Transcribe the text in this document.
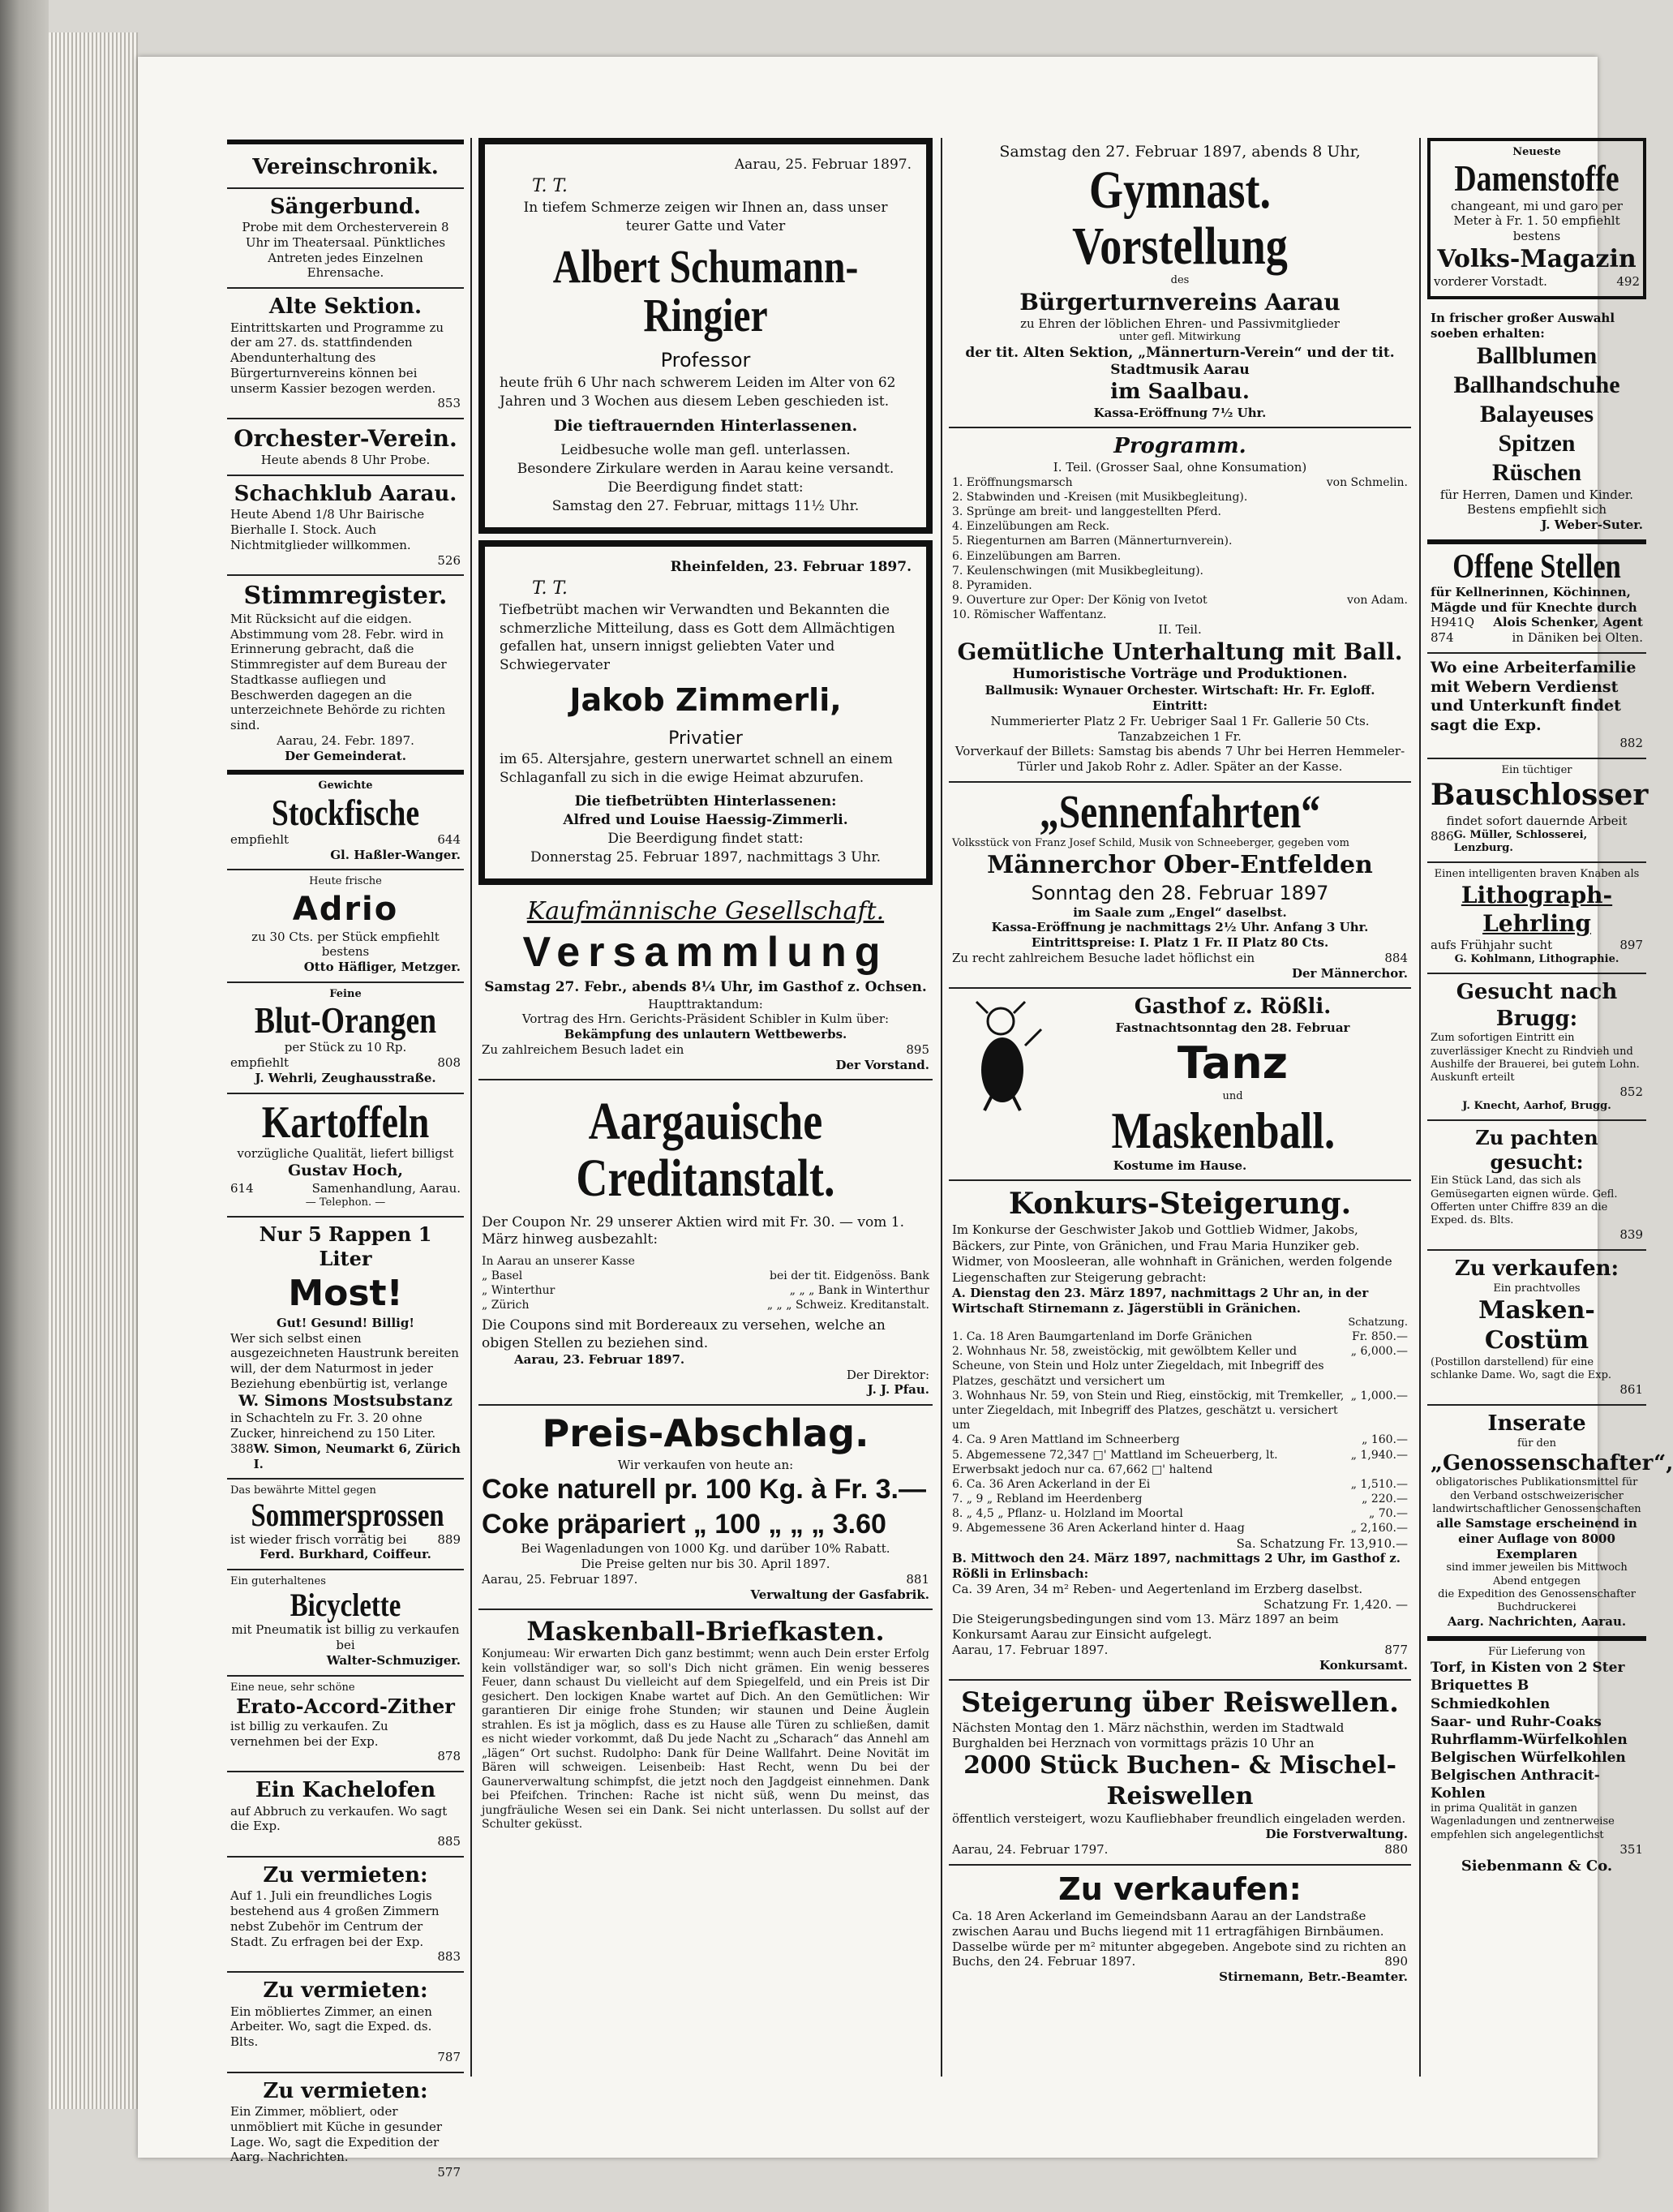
Vereinschronik.
Sängerbund.
Probe mit dem Orchesterverein 8 Uhr im Theatersaal. Pünktliches Antreten jedes Einzelnen Ehrensache.
Alte Sektion.
Eintrittskarten und Programme zu der am 27. ds. stattfindenden Abendunterhaltung des Bürgerturnvereins können bei unserm Kassier bezogen werden.
853
Orchester-Verein.
Heute abends 8 Uhr Probe.
Schachklub Aarau.
Heute Abend 1/8 Uhr Bairische Bierhalle I. Stock. Auch Nichtmitglieder willkommen.
526
Stimmregister.
Mit Rücksicht auf die eidgen. Abstimmung vom 28. Febr. wird in Erinnerung gebracht, daß die Stimmregister auf dem Bureau der Stadtkasse aufliegen und Beschwerden dagegen an die unterzeichnete Behörde zu richten sind.
Aarau, 24. Febr. 1897.
Der Gemeinderat.
Gewichte
Stockfische
empfiehlt	644
Gl. Haßler-Wanger.
Heute frische
Adrio
zu 30 Cts. per Stück empfiehlt bestens
Otto Häfliger, Metzger.
Feine
Blut-Orangen
per Stück zu 10 Rp.
empfiehlt	808
J. Wehrli, Zeughausstraße.
Kartoffeln
vorzügliche Qualität, liefert billigst
Gustav Hoch,
614	Samenhandlung, Aarau.
— Telephon. —
Nur 5 Rappen 1 Liter
Most!
Gut! Gesund! Billig!
Wer sich selbst einen ausgezeichneten Haustrunk bereiten will, der dem Naturmost in jeder Beziehung ebenbürtig ist, verlange
W. Simons Mostsubstanz
in Schachteln zu Fr. 3. 20 ohne Zucker, hinreichend zu 150 Liter.
388 W. Simon, Neumarkt 6, Zürich I.
Das bewährte Mittel gegen
Sommersprossen
ist wieder frisch vorrätig bei	889
Ferd. Burkhard, Coiffeur.
Ein guterhaltenes
Bicyclette
mit Pneumatik ist billig zu verkaufen bei
Walter-Schmuziger.
Eine neue, sehr schöne
Erato-Accord-Zither
ist billig zu verkaufen. Zu vernehmen bei der Exp.
878
Ein Kachelofen
auf Abbruch zu verkaufen. Wo sagt die Exp.
885
Zu vermieten:
Auf 1. Juli ein freundliches Logis bestehend aus 4 großen Zimmern nebst Zubehör im Centrum der Stadt. Zu erfragen bei der Exp.
883
Zu vermieten:
Ein möbliertes Zimmer, an einen Arbeiter. Wo, sagt die Exped. ds. Blts.
787
Zu vermieten:
Ein Zimmer, möbliert, oder unmöbliert mit Küche in gesunder Lage. Wo, sagt die Expedition der Aarg. Nachrichten.
577
Aarau, 25. Februar 1897.
T. T.
In tiefem Schmerze zeigen wir Ihnen an, dass unser teurer Gatte und Vater
Albert Schumann-Ringier
Professor
heute früh 6 Uhr nach schwerem Leiden im Alter von 62 Jahren und 3 Wochen aus diesem Leben geschieden ist.
Die tieftrauernden Hinterlassenen.
Leidbesuche wolle man gefl. unterlassen.
Besondere Zirkulare werden in Aarau keine versandt.
Die Beerdigung findet statt:
Samstag den 27. Februar, mittags 11½ Uhr.
Rheinfelden, 23. Februar 1897.
T. T.
Tiefbetrübt machen wir Verwandten und Bekannten die schmerzliche Mitteilung, dass es Gott dem Allmächtigen gefallen hat, unsern innigst geliebten Vater und Schwiegervater
Jakob Zimmerli,
Privatier
im 65. Altersjahre, gestern unerwartet schnell an einem Schlaganfall zu sich in die ewige Heimat abzurufen.
Die tiefbetrübten Hinterlassenen:
Alfred und Louise Haessig-Zimmerli.
Die Beerdigung findet statt:
Donnerstag 25. Februar 1897, nachmittags 3 Uhr.
Kaufmännische Gesellschaft.
Versammlung
Samstag 27. Febr., abends 8¼ Uhr, im Gasthof z. Ochsen.
Haupttraktandum:
Vortrag des Hrn. Gerichts-Präsident Schibler in Kulm über:
Bekämpfung des unlautern Wettbewerbs.
Zu zahlreichem Besuch ladet ein	895
Der Vorstand.
Aargauische Creditanstalt.
Der Coupon Nr. 29 unserer Aktien wird mit Fr. 30. — vom 1. März hinweg ausbezahlt:
In Aarau an unserer Kasse
„ Basel	bei der tit. Eidgenöss. Bank
„ Winterthur	„ „ „ Bank in Winterthur
„ Zürich	„ „ „ Schweiz. Kreditanstalt.
Die Coupons sind mit Bordereaux zu versehen, welche an obigen Stellen zu beziehen sind.
Aarau, 23. Februar 1897.
Der Direktor:
J. J. Pfau.
Preis-Abschlag.
Wir verkaufen von heute an:
Coke naturell pr. 100 Kg. à Fr. 3.—
Coke präpariert „ 100 „ „ „ 3.60
Bei Wagenladungen von 1000 Kg. und darüber 10% Rabatt.
Die Preise gelten nur bis 30. April 1897.
Aarau, 25. Februar 1897.	881
Verwaltung der Gasfabrik.
Maskenball-Briefkasten.
Konjumeau: Wir erwarten Dich ganz bestimmt; wenn auch Dein erster Erfolg kein vollständiger war, so soll's Dich nicht grämen. Ein wenig besseres Feuer, dann schaust Du vielleicht auf dem Spiegelfeld, und ein Preis ist Dir gesichert. Den lockigen Knabe wartet auf Dich. An den Gemütlichen: Wir garantieren Dir einige frohe Stunden; wir staunen und Deine Äuglein strahlen. Es ist ja möglich, dass es zu Hause alle Türen zu schließen, damit es nicht wieder vorkommt, daß Du jede Nacht zu „Scharach“ das Annehl am „lägen“ Ort suchst. Rudolpho: Dank für Deine Wallfahrt. Deine Novität im Bären will schweigen. Leisenbeib: Hast Recht, wenn Du bei der Gaunerverwaltung schimpfst, die jetzt noch den Jagdgeist einnehmen. Dank bei Pfeifchen. Trinchen: Rache ist nicht süß, wenn Du meinst, das jungfräuliche Wesen sei ein Dank. Sei nicht unterlassen. Du sollst auf der Schulter geküsst.
Samstag den 27. Februar 1897, abends 8 Uhr,
Gymnast. Vorstellung
des
Bürgerturnvereins Aarau
zu Ehren der löblichen Ehren- und Passivmitglieder
unter gefl. Mitwirkung
der tit. Alten Sektion, „Männerturn-Verein“ und der tit. Stadtmusik Aarau
im Saalbau.
Kassa-Eröffnung 7½ Uhr.
Programm.
I. Teil. (Grosser Saal, ohne Konsumation)
1. Eröffnungsmarsch	von Schmelin.
2. Stabwinden und -Kreisen (mit Musikbegleitung).
3. Sprünge am breit- und langgestellten Pferd.
4. Einzelübungen am Reck.
5. Riegenturnen am Barren (Männerturnverein).
6. Einzelübungen am Barren.
7. Keulenschwingen (mit Musikbegleitung).
8. Pyramiden.
9. Ouverture zur Oper: Der König von Ivetot	von Adam.
10. Römischer Waffentanz.
II. Teil.
Gemütliche Unterhaltung mit Ball.
Humoristische Vorträge und Produktionen.
Ballmusik: Wynauer Orchester. Wirtschaft: Hr. Fr. Egloff.
Eintritt:
Nummerierter Platz 2 Fr. Uebriger Saal 1 Fr. Gallerie 50 Cts.
Tanzabzeichen 1 Fr.
Vorverkauf der Billets: Samstag bis abends 7 Uhr bei Herren Hemmeler-Türler und Jakob Rohr z. Adler. Später an der Kasse.
„Sennenfahrten“
Volksstück von Franz Josef Schild, Musik von Schneeberger, gegeben vom
Männerchor Ober-Entfelden
Sonntag den 28. Februar 1897
im Saale zum „Engel“ daselbst.
Kassa-Eröffnung je nachmittags 2½ Uhr. Anfang 3 Uhr.
Eintrittspreise: I. Platz 1 Fr. II Platz 80 Cts.
Zu recht zahlreichem Besuche ladet höflichst ein	884
Der Männerchor.
Gasthof z. Rößli.
Fastnachtsonntag den 28. Februar
Tanz
und
Maskenball.
Kostume im Hause.
Konkurs-Steigerung.
Im Konkurse der Geschwister Jakob und Gottlieb Widmer, Jakobs, Bäckers, zur Pinte, von Gränichen, und Frau Maria Hunziker geb. Widmer, von Moosleeran, alle wohnhaft in Gränichen, werden folgende Liegenschaften zur Steigerung gebracht:
A. Dienstag den 23. März 1897, nachmittags 2 Uhr an, in der Wirtschaft Stirnemann z. Jägerstübli in Gränichen.
Schatzung.
1. Ca. 18 Aren Baumgartenland im Dorfe Gränichen	Fr. 850.—
2. Wohnhaus Nr. 58, zweistöckig, mit gewölbtem Keller und Scheune, von Stein und Holz unter Ziegeldach, mit Inbegriff des Platzes, geschätzt und versichert um
„ 6,000.—
3. Wohnhaus Nr. 59, von Stein und Rieg, einstöckig, mit Tremkeller, unter Ziegeldach, mit Inbegriff des Platzes, geschätzt u. versichert um
„ 1,000.—
4. Ca. 9 Aren Mattland im Schneerberg	„ 160.—
5. Abgemessene 72,347 □' Mattland im Scheuerberg, lt. Erwerbsakt jedoch nur ca. 67,662 □' haltend
„ 1,940.—
6. Ca. 36 Aren Ackerland in der Ei	„ 1,510.—
7. „ 9 „ Rebland im Heerdenberg	„ 220.—
8. „ 4,5 „ Pflanz- u. Holzland im Moortal	„ 70.—
9. Abgemessene 36 Aren Ackerland hinter d. Haag	„ 2,160.—
Sa. Schatzung Fr. 13,910.—
B. Mittwoch den 24. März 1897, nachmittags 2 Uhr, im Gasthof z. Rößli in Erlinsbach:
Ca. 39 Aren, 34 m² Reben- und Aegertenland im Erzberg daselbst.
Schatzung Fr. 1,420. —
Die Steigerungsbedingungen sind vom 13. März 1897 an beim Konkursamt Aarau zur Einsicht aufgelegt.
Aarau, 17. Februar 1897.	877
Konkursamt.
Steigerung über Reiswellen.
Nächsten Montag den 1. März nächsthin, werden im Stadtwald Burghalden bei Herznach von vormittags präzis 10 Uhr an
2000 Stück Buchen- & Mischel-Reiswellen
öffentlich versteigert, wozu Kaufliebhaber freundlich eingeladen werden.
Die Forstverwaltung.
Aarau, 24. Februar 1797.	880
Zu verkaufen:
Ca. 18 Aren Ackerland im Gemeindsbann Aarau an der Landstraße zwischen Aarau und Buchs liegend mit 11 ertragfähigen Birnbäumen. Dasselbe würde per m² mitunter abgegeben. Angebote sind zu richten an
Buchs, den 24. Februar 1897.	890
Stirnemann, Betr.-Beamter.
Neueste
Damenstoffe
changeant, mi und garo per Meter à Fr. 1. 50 empfiehlt bestens
Volks-Magazin
vorderer Vorstadt.	492
In frischer großer Auswahl soeben erhalten:
Ballblumen
Ballhandschuhe
Balayeuses
Spitzen
Rüschen
für Herren, Damen und Kinder.
Bestens empfiehlt sich
J. Weber-Suter.
Offene Stellen
für Kellnerinnen, Köchinnen, Mägde und für Knechte durch
H941Q Alois Schenker, Agent
874	in Däniken bei Olten.
Wo eine Arbeiterfamilie mit Webern Verdienst und Unterkunft findet sagt die Exp.
882
Ein tüchtiger
Bauschlosser
findet sofort dauernde Arbeit
886 G. Müller, Schlosserei, Lenzburg.
Einen intelligenten braven Knaben als
Lithograph-Lehrling
aufs Frühjahr sucht	897
G. Kohlmann, Lithographie.
Gesucht nach Brugg:
Zum sofortigen Eintritt ein zuverlässiger Knecht zu Rindvieh und Aushilfe der Brauerei, bei gutem Lohn. Auskunft erteilt
852
J. Knecht, Aarhof, Brugg.
Zu pachten gesucht:
Ein Stück Land, das sich als Gemüsegarten eignen würde. Gefl. Offerten unter Chiffre 839 an die Exped. ds. Blts.
839
Zu verkaufen:
Ein prachtvolles
Masken-Costüm
(Postillon darstellend) für eine schlanke Dame. Wo, sagt die Exp.
861
Inserate
für den
„Genossenschafter“,
obligatorisches Publikationsmittel für den Verband ostschweizerischer landwirtschaftlicher Genossenschaften
alle Samstage erscheinend in einer Auflage von 8000 Exemplaren
sind immer jeweilen bis Mittwoch Abend entgegen
die Expedition des Genossenschafter
Buchdruckerei
Aarg. Nachrichten, Aarau.
Für Lieferung von
Torf, in Kisten von 2 Ster
Briquettes B
Schmiedkohlen
Saar- und Ruhr-Coaks
Ruhrflamm-Würfelkohlen
Belgischen Würfelkohlen
Belgischen Anthracit-Kohlen
in prima Qualität in ganzen Wagenladungen und zentnerweise empfehlen sich angelegentlichst
351
Siebenmann & Co.
